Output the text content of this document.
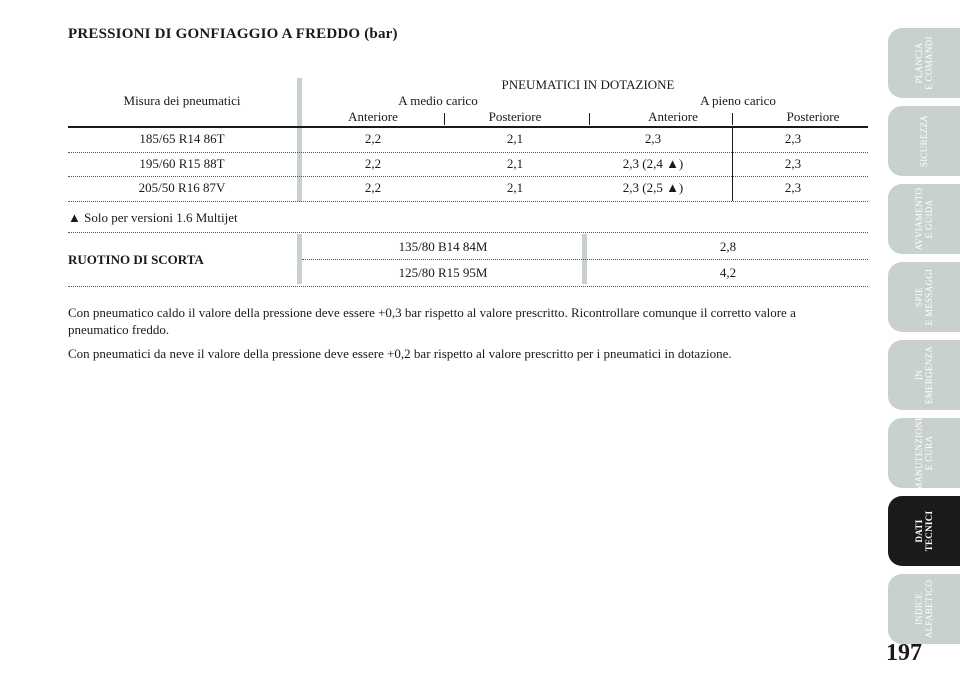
PRESSIONI DI GONFIAGGIO A FREDDO (bar)
PNEUMATICI IN DOTAZIONE
Misura dei pneumatici	A medio carico	A pieno carico
Anteriore	Posteriore	Anteriore	Posteriore
185/65 R14 86T	2,2	2,1	2,3	2,3
195/60 R15 88T	2,2	2,1	2,3 (2,4 ▲)	2,3
205/50 R16 87V	2,2	2,1	2,3 (2,5 ▲)	2,3
▲ Solo per versioni 1.6 Multijet
RUOTINO DI SCORTA
135/80 B14 84M	2,8
125/80 R15 95M	4,2
Con pneumatico caldo il valore della pressione deve essere +0,3 bar rispetto al valore prescritto. Ricontrollare comunque il corretto valore a pneumatico freddo.
Con pneumatici da neve il valore della pressione deve essere +0,2 bar rispetto al valore prescritto per i pneumatici in dotazione.
PLANCIA
E COMANDI
SICUREZZA
AVVIAMENTO
E GUIDA
SPIE
E MESSAGGI
IN
EMERGENZA
MANUTENZIONE
E CURA
DATI
TECNICI
INDICE
ALFABETICO
197
